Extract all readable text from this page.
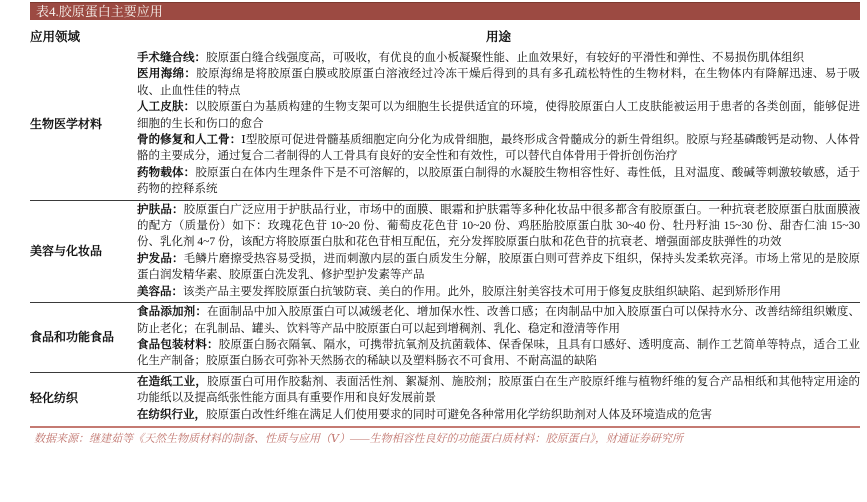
表4.胶原蛋白主要应用
应用领域	用途
生物医学材料

手术缝合线：胶原蛋白缝合线强度高，可吸收，有优良的血小板凝聚性能、止血效果好，有较好的平滑性和弹性、不易损伤肌体组织

医用海绵：胶原海绵是将胶原蛋白膜或胶原蛋白溶液经过冷冻干燥后得到的具有多孔疏松特性的生物材料，在生物体内有降解迅速、易于吸收、止血性佳的特点

人工皮肤：以胶原蛋白为基质构建的生物支架可以为细胞生长提供适宜的环境，使得胶原蛋白人工皮肤能被运用于患者的各类创面，能够促进细胞的生长和伤口的愈合

骨的修复和人工骨：Ⅰ型胶原可促进骨髓基质细胞定向分化为成骨细胞，最终形成含骨髓成分的新生骨组织。胶原与羟基磷酸钙是动物、人体骨骼的主要成分，通过复合二者制得的人工骨具有良好的安全性和有效性，可以替代自体骨用于骨折创伤治疗

药物载体：胶原蛋白在体内生理条件下是不可溶解的，以胶原蛋白制得的水凝胶生物相容性好、毒性低，且对温度、酸碱等刺激较敏感，适于药物的控释系统

美容与化妆品

护肤品：胶原蛋白广泛应用于护肤品行业，市场中的面膜、眼霜和护肤霜等多种化妆品中很多都含有胶原蛋白。一种抗衰老胶原蛋白肽面膜液的配方（质量份）如下：玫瑰花色苷 10~20 份、葡萄皮花色苷 10~20 份、鸡胚胎胶原蛋白肽 30~40 份、牡丹籽油 15~30 份、甜杏仁油 15~30 份、乳化剂 4~7 份，该配方将胶原蛋白肽和花色苷相互配伍，充分发挥胶原蛋白肽和花色苷的抗衰老、增强面部皮肤弹性的功效

护发品：毛鳞片磨擦受热容易受损，进而刺激内层的蛋白质发生分解，胶原蛋白则可营养皮下组织，保持头发柔软亮泽。市场上常见的是胶原蛋白润发精华素、胶原蛋白洗发乳、修护型护发素等产品

美容品：该类产品主要发挥胶原蛋白抗皱防衰、美白的作用。此外，胶原注射美容技术可用于修复皮肤组织缺陷、起到矫形作用

食品和功能食品

食品添加剂：在面制品中加入胶原蛋白可以减缓老化、增加保水性、改善口感；在肉制品中加入胶原蛋白可以保持水分、改善结缔组织嫩度、防止老化；在乳制品、罐头、饮料等产品中胶原蛋白可以起到增稠剂、乳化、稳定和澄清等作用

食品包装材料：胶原蛋白肠衣隔氧、隔水，可携带抗氧剂及抗菌载体、保香保味，且具有口感好、透明度高、制作工艺简单等特点，适合工业化生产制备；胶原蛋白肠衣可弥补天然肠衣的稀缺以及塑料肠衣不可食用、不耐高温的缺陷

轻化纺织

在造纸工业，胶原蛋白可用作胶黏剂、表面活性剂、絮凝剂、施胶剂；胶原蛋白在生产胶原纤维与植物纤维的复合产品相纸和其他特定用途的功能纸以及提高纸张性能方面具有重要作用和良好发展前景

在纺织行业，胶原蛋白改性纤维在满足人们使用要求的同时可避免各种常用化学纺织助剂对人体及环境造成的危害

数据来源：继建茹等《天然生物质材料的制备、性质与应用（Ⅴ）——生物相容性良好的功能蛋白质材料：胶原蛋白》，财通证券研究所
